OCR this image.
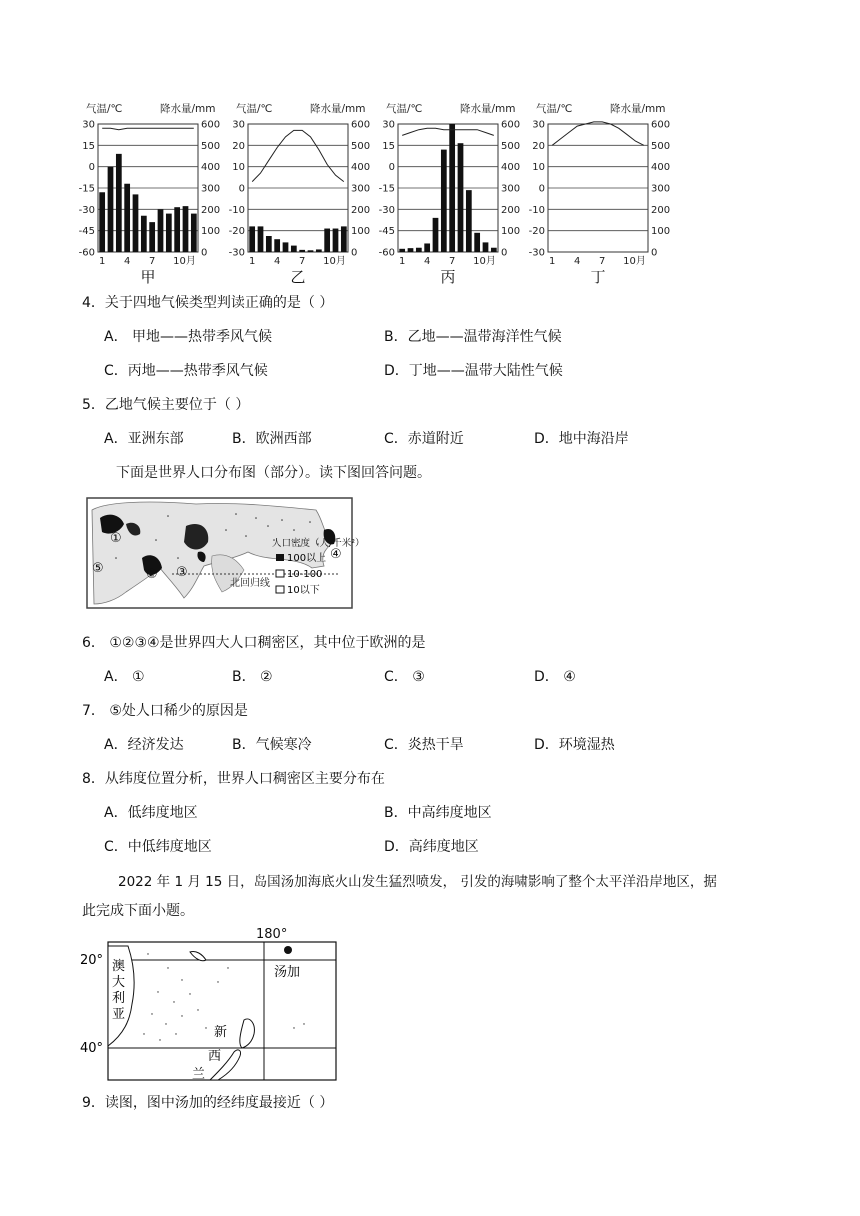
气温/℃	降水量/mm
30	600
15	500
0	400
-15	300
-30	200
-45	100
-60	0
1 4 7 10月
甲
气温/℃	降水量/mm
30	600
20	500
10	400
0	300
-10	200
-20	100
-30	0
1 4 7 10月
乙
气温/℃	降水量/mm
30	600
15	500
0	400
-15	300
-30	200
-45	100
-60	0
1 4 7 10月
丙
气温/℃	降水量/mm
30	600
20	500
10	400
0	300
-10	200
-20	100
-30	0
1 4 7 10月
丁
4．关于四地气候类型判读正确的是（ ）
A． 甲地——热带季风气候	B．乙地——温带海洋性气候
C．丙地——热带季风气候	D．丁地——温带大陆性气候
5．乙地气候主要位于（ ）
A．亚洲东部	B．欧洲西部	C．赤道附近	D．地中海沿岸
下面是世界人口分布图（部分）。读下图回答问题。
北回归线
①
② ③
④
⑤
人口密度（人/千米²）
100以上
10-100
10以下
6． ①②③④是世界四大人口稠密区，其中位于欧洲的是
A． ①	B． ②	C． ③	D． ④
7． ⑤处人口稀少的原因是
A．经济发达	B．气候寒冷	C．炎热干旱	D．环境湿热
8．从纬度位置分析，世界人口稠密区主要分布在
A．低纬度地区	B．中高纬度地区
C．中低纬度地区	D．高纬度地区
2022 年 1 月 15 日，岛国汤加海底火山发生猛烈喷发， 引发的海啸影响了整个太平洋沿岸地区，据
此完成下面小题。
180°
20°
40°
澳
大
利
亚
汤加
新
西
兰
9．读图，图中汤加的经纬度最接近（ ）
